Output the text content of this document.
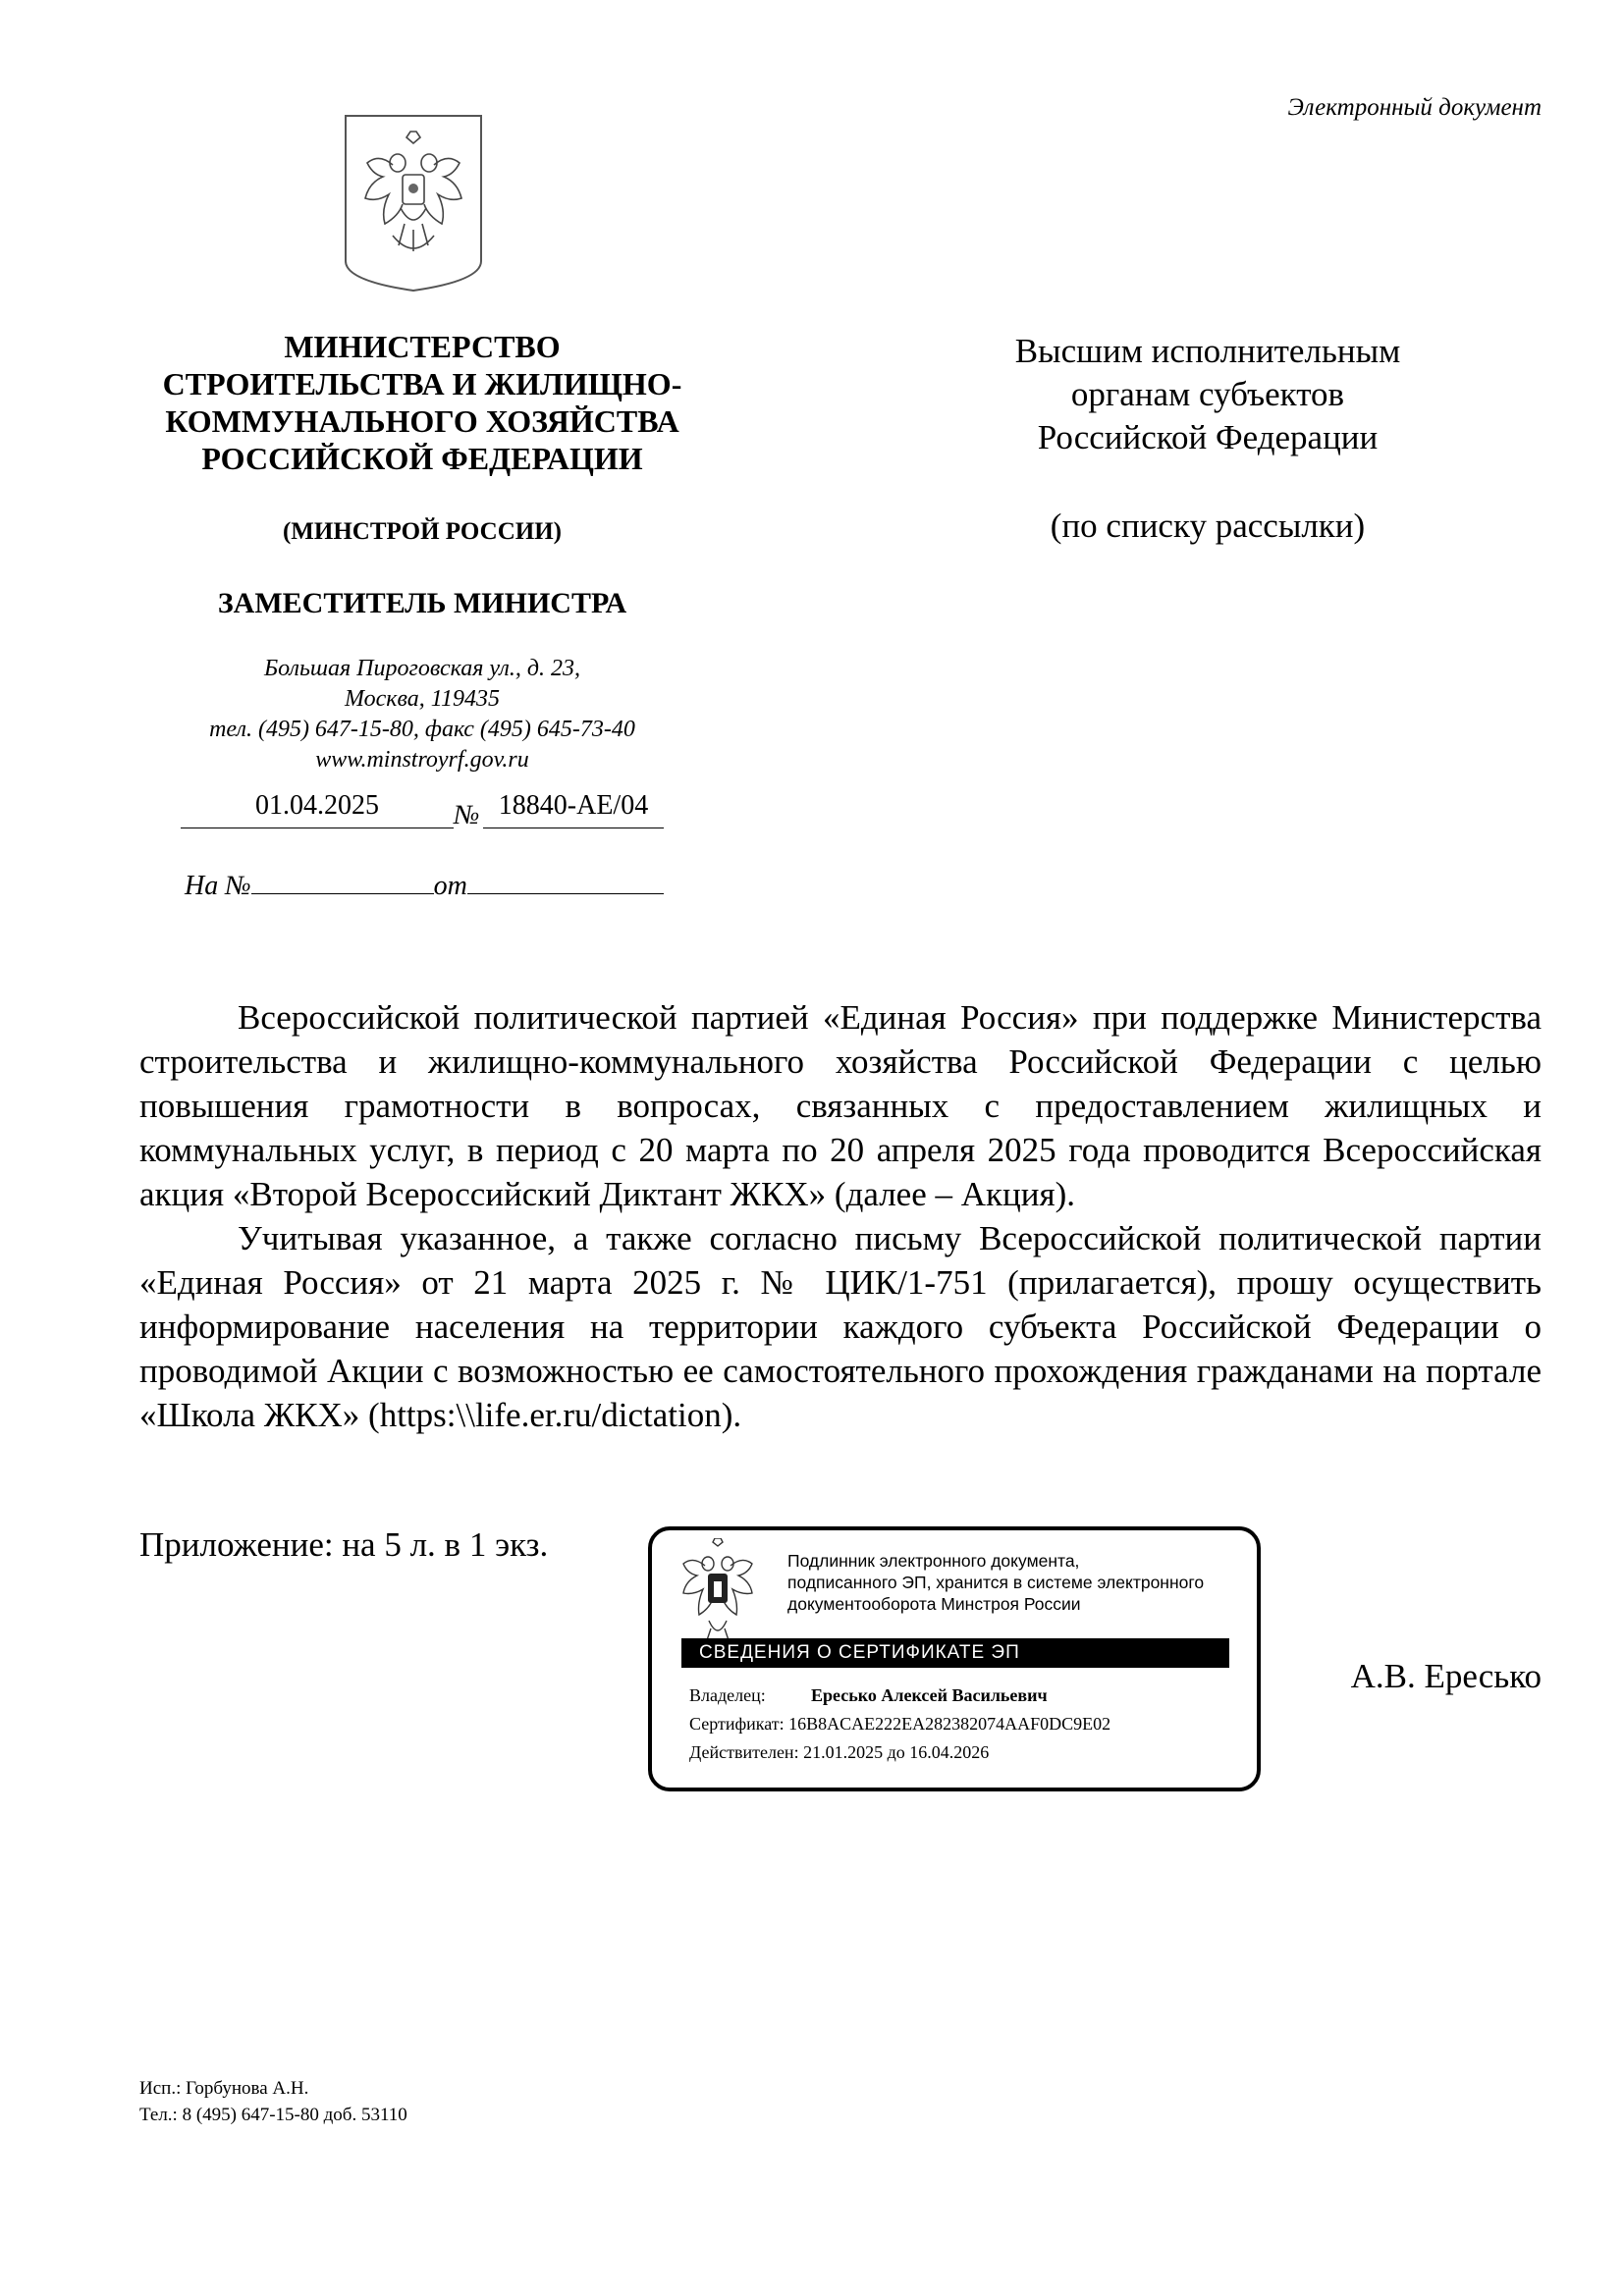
Электронный документ
МИНИСТЕРСТВО
СТРОИТЕЛЬСТВА И ЖИЛИЩНО-
КОММУНАЛЬНОГО ХОЗЯЙСТВА
РОССИЙСКОЙ ФЕДЕРАЦИИ
(МИНСТРОЙ РОССИИ)
ЗАМЕСТИТЕЛЬ МИНИСТРА
Большая Пироговская ул., д. 23,
Москва, 119435
тел. (495) 647-15-80, факс (495) 645-73-40
www.minstroyrf.gov.ru
01.04.2025	№ 18840-АЕ/04
На №	от
Высшим исполнительным
органам субъектов
Российской Федерации
(по списку рассылки)

Всероссийской политической партией «Единая Россия» при поддержке Министерства строительства и жилищно-коммунального хозяйства Российской Федерации с целью повышения грамотности в вопросах, связанных с предоставлением жилищных и коммунальных услуг, в период с 20 марта по 20 апреля 2025 года проводится Всероссийская акция «Второй Всероссийский Диктант ЖКХ» (далее – Акция).

Учитывая указанное, а также согласно письму Всероссийской политической партии «Единая Россия» от 21 марта 2025 г. № ЦИК/1-751 (прилагается), прошу осуществить информирование населения на территории каждого субъекта Российской Федерации о проводимой Акции с возможностью ее самостоятельного прохождения гражданами на портале «Школа ЖКХ» (https:\\life.er.ru/dictation).

Приложение: на 5 л. в 1 экз.	Подлинник электронного документа,
подписанного ЭП, хранится в системе электронного
документооборота Минстроя России
СВЕДЕНИЯ О СЕРТИФИКАТЕ ЭП
Владелец:	Ересько Алексей Васильевич
Сертификат: 16B8ACAE222EA282382074AAF0DC9E02
Действителен: 21.01.2025 до 16.04.2026
А.В. Ересько
Исп.: Горбунова А.Н.
Тел.: 8 (495) 647-15-80 доб. 53110
